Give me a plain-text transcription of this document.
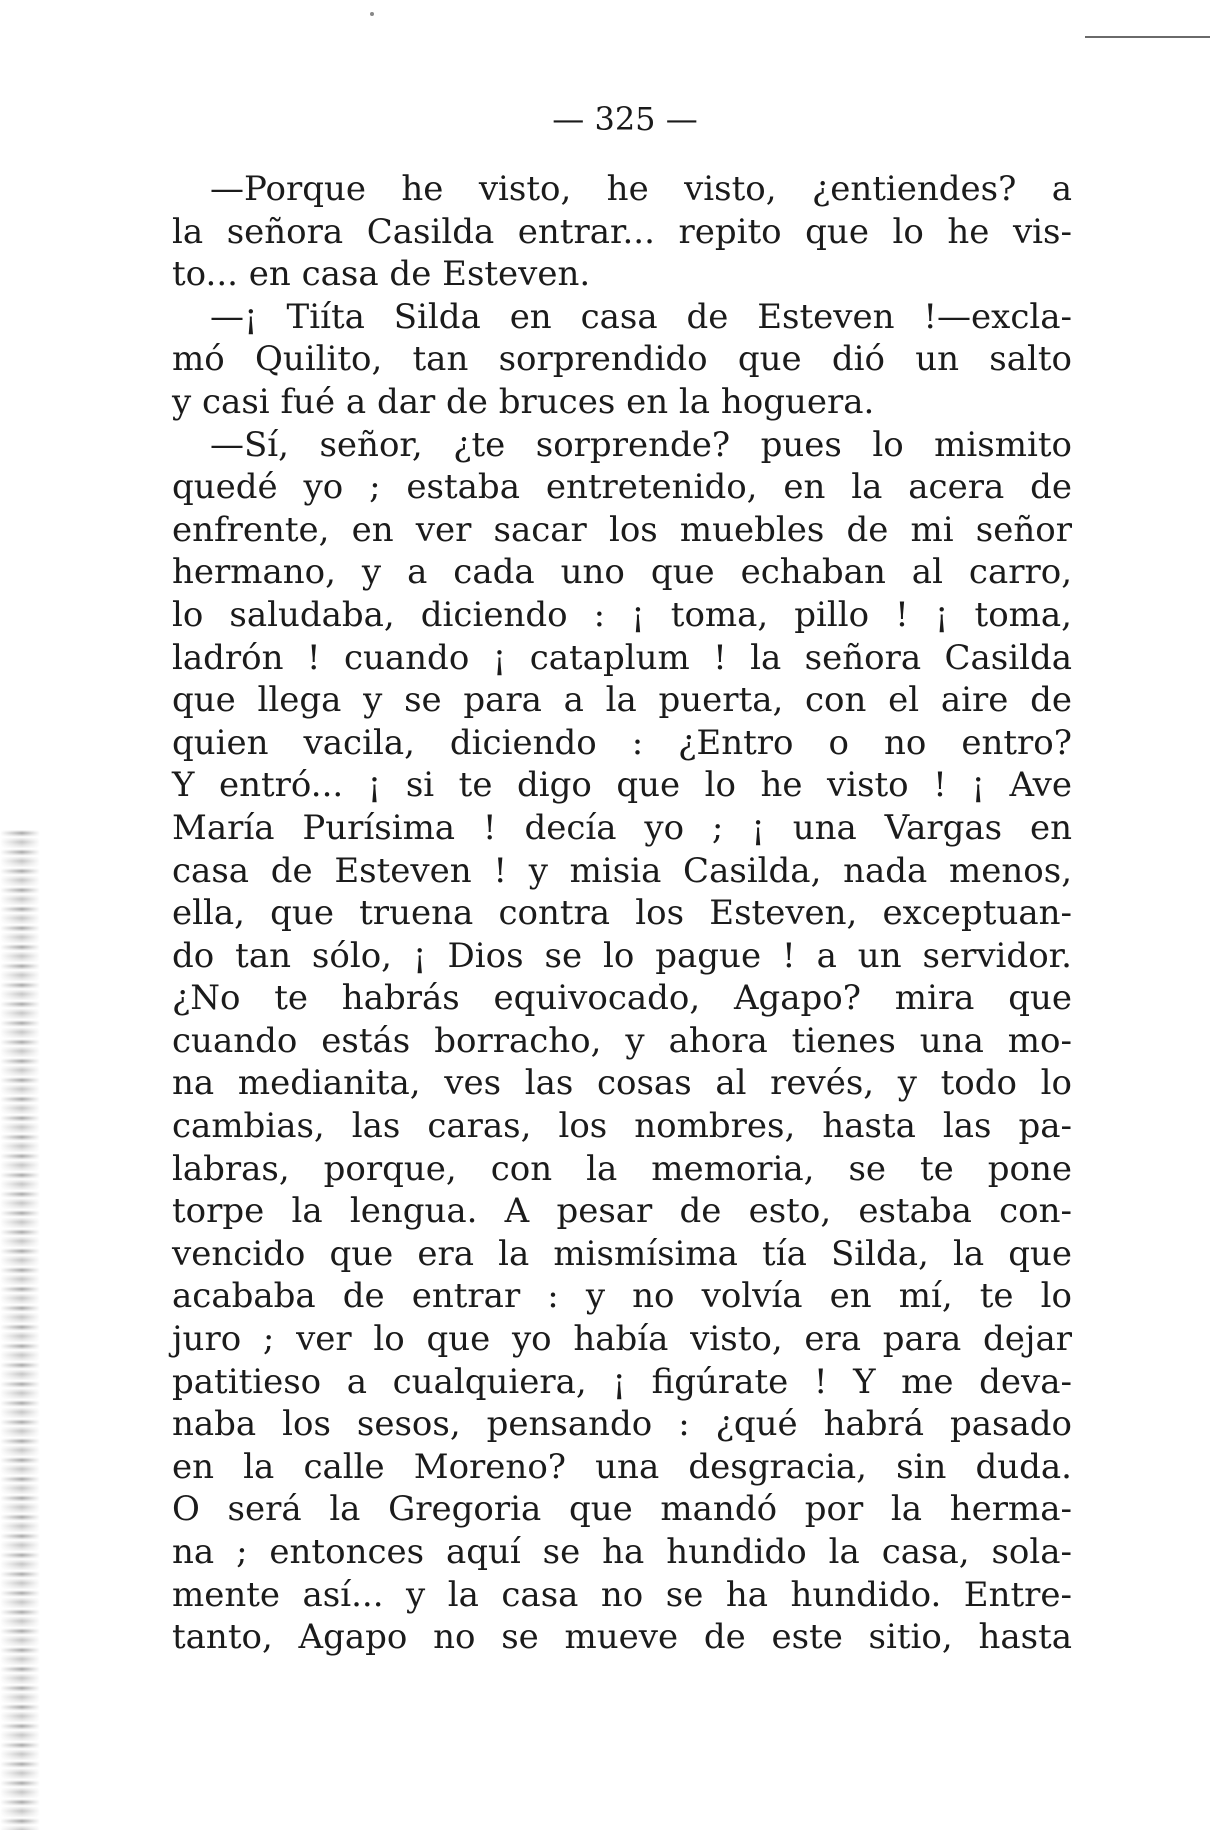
— 325 —
—Porque he visto, he visto, ¿entiendes? a
la señora Casilda entrar... repito que lo he vis-
to... en casa de Esteven.
—¡ Tiíta Silda en casa de Esteven !—excla-
mó Quilito, tan sorprendido que dió un salto
y casi fué a dar de bruces en la hoguera.
—Sí, señor, ¿te sorprende? pues lo mismito
quedé yo ; estaba entretenido, en la acera de
enfrente, en ver sacar los muebles de mi señor
hermano, y a cada uno que echaban al carro,
lo saludaba, diciendo : ¡ toma, pillo ! ¡ toma,
ladrón ! cuando ¡ cataplum ! la señora Casilda
que llega y se para a la puerta, con el aire de
quien vacila, diciendo : ¿Entro o no entro?
Y entró... ¡ si te digo que lo he visto ! ¡ Ave
María Purísima ! decía yo ; ¡ una Vargas en
casa de Esteven ! y misia Casilda, nada menos,
ella, que truena contra los Esteven, exceptuan-
do tan sólo, ¡ Dios se lo pague ! a un servidor.
¿No te habrás equivocado, Agapo? mira que
cuando estás borracho, y ahora tienes una mo-
na medianita, ves las cosas al revés, y todo lo
cambias, las caras, los nombres, hasta las pa-
labras, porque, con la memoria, se te pone
torpe la lengua. A pesar de esto, estaba con-
vencido que era la mismísima tía Silda, la que
acababa de entrar : y no volvía en mí, te lo
juro ; ver lo que yo había visto, era para dejar
patitieso a cualquiera, ¡ figúrate ! Y me deva-
naba los sesos, pensando : ¿qué habrá pasado
en la calle Moreno? una desgracia, sin duda.
O será la Gregoria que mandó por la herma-
na ; entonces aquí se ha hundido la casa, sola-
mente así... y la casa no se ha hundido. Entre-
tanto, Agapo no se mueve de este sitio, hasta
